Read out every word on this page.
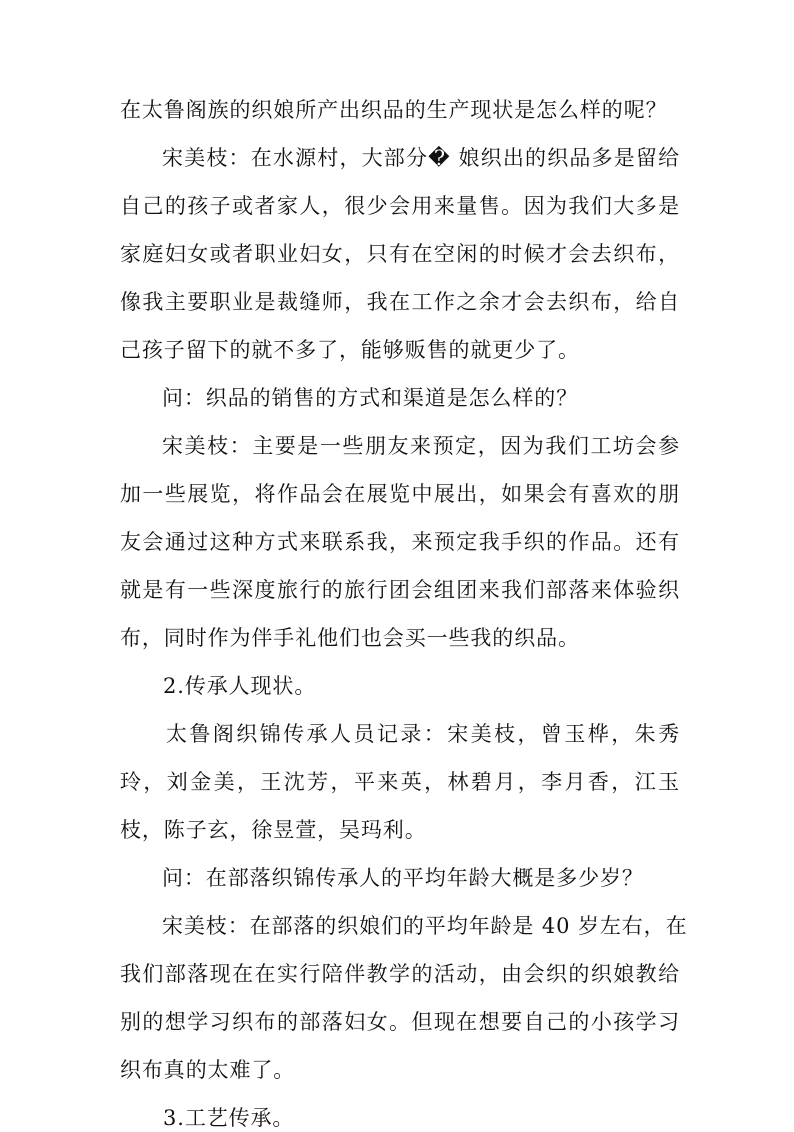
在太鲁阁族的织娘所产出织品的生产现状是怎么样的呢？
宋美枝：在水源村，大部分� 娘织出的织品多是留给
自己的孩子或者家人，很少会用来量售。因为我们大多是
家庭妇女或者职业妇女，只有在空闲的时候才会去织布，
像我主要职业是裁缝师，我在工作之余才会去织布，给自
己孩子留下的就不多了，能够贩售的就更少了。
问：织品的销售的方式和渠道是怎么样的？
宋美枝：主要是一些朋友来预定，因为我们工坊会参
加一些展览，将作品会在展览中展出，如果会有喜欢的朋
友会通过这种方式来联系我，来预定我手织的作品。还有
就是有一些深度旅行的旅行团会组团来我们部落来体验织
布，同时作为伴手礼他们也会买一些我的织品。
2.传承人现状。
太鲁阁织锦传承人员记录：宋美枝，曾玉桦，朱秀
玲，刘金美，王沈芳，平来英，林碧月，李月香，江玉
枝，陈子玄，徐昱萱，吴玛利。
问：在部落织锦传承人的平均年龄大概是多少岁？
宋美枝：在部落的织娘们的平均年龄是 40 岁左右，在
我们部落现在在实行陪伴教学的活动，由会织的织娘教给
别的想学习织布的部落妇女。但现在想要自己的小孩学习
织布真的太难了。
3.工艺传承。
